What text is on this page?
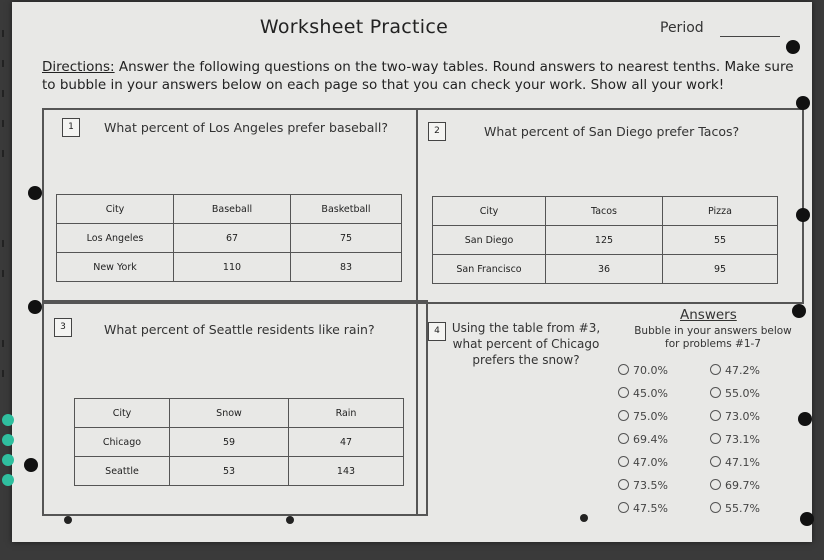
Worksheet Practice	Period
Directions: Answer the following questions on the two-way tables. Round answers to nearest tenths. Make sure to bubble in your answers below on each page so that you can check your work. Show all your work!
1	What percent of Los Angeles prefer baseball?
City	Baseball	Basketball
Los Angeles	67	75
New York	110	83
2	What percent of San Diego prefer Tacos?
City	Tacos	Pizza
San Diego	125	55
San Francisco	36	95
3	What percent of Seattle residents like rain?
City	Snow	Rain
Chicago	59	47
Seattle	53	143
4 Using the table from #3, what percent of Chicago prefers the snow?
Answers
Bubble in your answers below for problems #1-7
70.0%
45.0%
75.0%
69.4%
47.0%
73.5%
47.5%
47.2%
55.0%
73.0%
73.1%
47.1%
69.7%
55.7%
